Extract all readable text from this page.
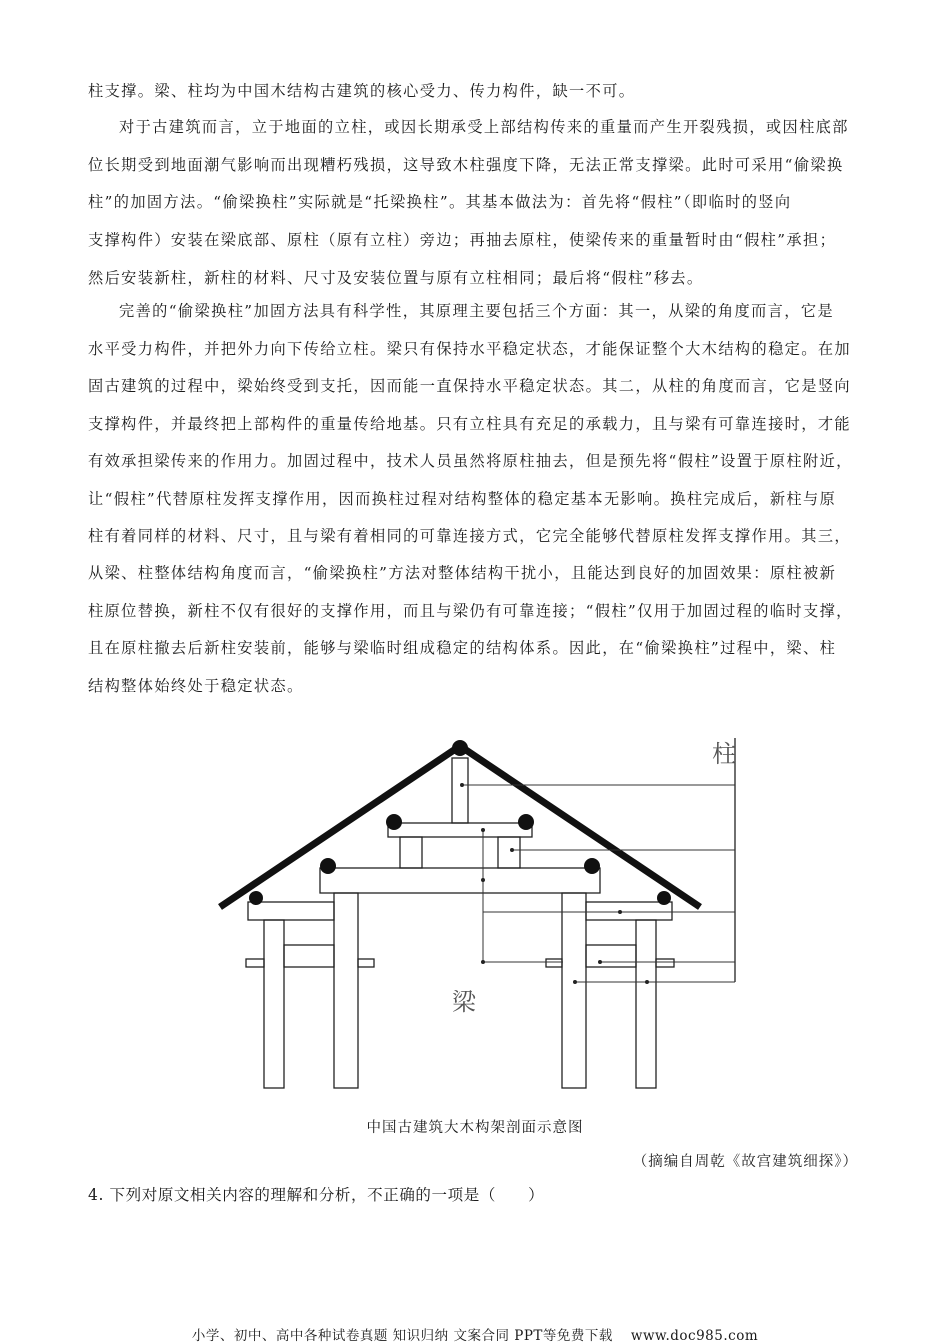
柱支撑。梁、柱均为中国木结构古建筑的核心受力、传力构件，缺一不可。
对于古建筑而言，立于地面的立柱，或因长期承受上部结构传来的重量而产生开裂残损，或因柱底部
位长期受到地面潮气影响而出现糟朽残损，这导致木柱强度下降，无法正常支撑梁。此时可采用“偷梁换
柱”的加固方法。“偷梁换柱”实际就是“托梁换柱”。其基本做法为：首先将“假柱”（即临时的竖向
支撑构件）安装在梁底部、原柱（原有立柱）旁边；再抽去原柱，使梁传来的重量暂时由“假柱”承担；
然后安装新柱，新柱的材料、尺寸及安装位置与原有立柱相同；最后将“假柱”移去。
完善的“偷梁换柱”加固方法具有科学性，其原理主要包括三个方面：其一，从梁的角度而言，它是
水平受力构件，并把外力向下传给立柱。梁只有保持水平稳定状态，才能保证整个大木结构的稳定。在加
固古建筑的过程中，梁始终受到支托，因而能一直保持水平稳定状态。其二，从柱的角度而言，它是竖向
支撑构件，并最终把上部构件的重量传给地基。只有立柱具有充足的承载力，且与梁有可靠连接时，才能
有效承担梁传来的作用力。加固过程中，技术人员虽然将原柱抽去，但是预先将“假柱”设置于原柱附近，
让“假柱”代替原柱发挥支撑作用，因而换柱过程对结构整体的稳定基本无影响。换柱完成后，新柱与原
柱有着同样的材料、尺寸，且与梁有着相同的可靠连接方式，它完全能够代替原柱发挥支撑作用。其三，
从梁、柱整体结构角度而言，“偷梁换柱”方法对整体结构干扰小，且能达到良好的加固效果：原柱被新
柱原位替换，新柱不仅有很好的支撑作用，而且与梁仍有可靠连接；“假柱”仅用于加固过程的临时支撑，
且在原柱撤去后新柱安装前，能够与梁临时组成稳定的结构体系。因此，在“偷梁换柱”过程中，梁、柱
结构整体始终处于稳定状态。
柱
梁
中国古建筑大木构架剖面示意图
（摘编自周乾《故宫建筑细探》）
4. 下列对原文相关内容的理解和分析，不正确的一项是（　　）
小学、初中、高中各种试卷真题 知识归纳 文案合同 PPT等免费下载 www.doc985.com
